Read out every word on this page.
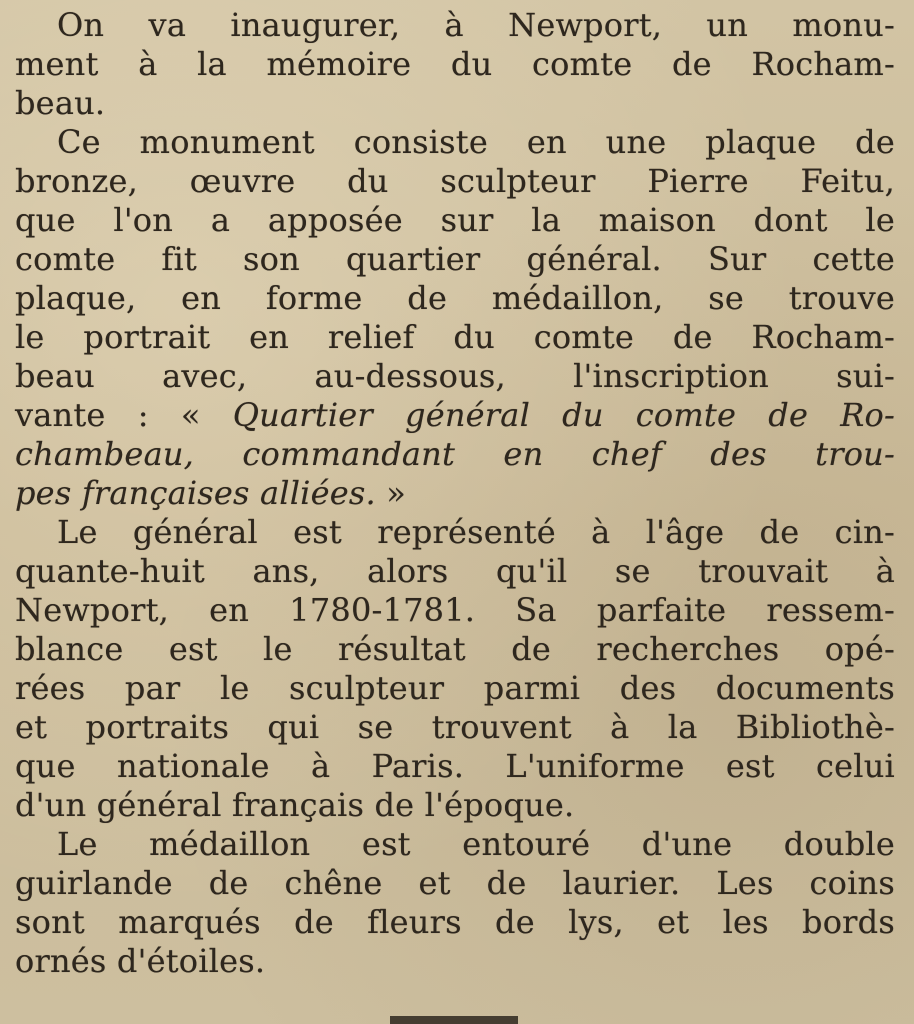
On va inaugurer, à Newport, un monu-
ment à la mémoire du comte de Rocham-
beau.
Ce monument consiste en une plaque de
bronze, œuvre du sculpteur Pierre Feitu,
que l'on a apposée sur la maison dont le
comte fit son quartier général. Sur cette
plaque, en forme de médaillon, se trouve
le portrait en relief du comte de Rocham-
beau avec, au-dessous, l'inscription sui-
vante : « Quartier général du comte de Ro-
chambeau, commandant en chef des trou-
pes françaises alliées. »
Le général est représenté à l'âge de cin-
quante-huit ans, alors qu'il se trouvait à
Newport, en 1780-1781. Sa parfaite ressem-
blance est le résultat de recherches opé-
rées par le sculpteur parmi des documents
et portraits qui se trouvent à la Bibliothè-
que nationale à Paris. L'uniforme est celui
d'un général français de l'époque.
Le médaillon est entouré d'une double
guirlande de chêne et de laurier. Les coins
sont marqués de fleurs de lys, et les bords
ornés d'étoiles.
